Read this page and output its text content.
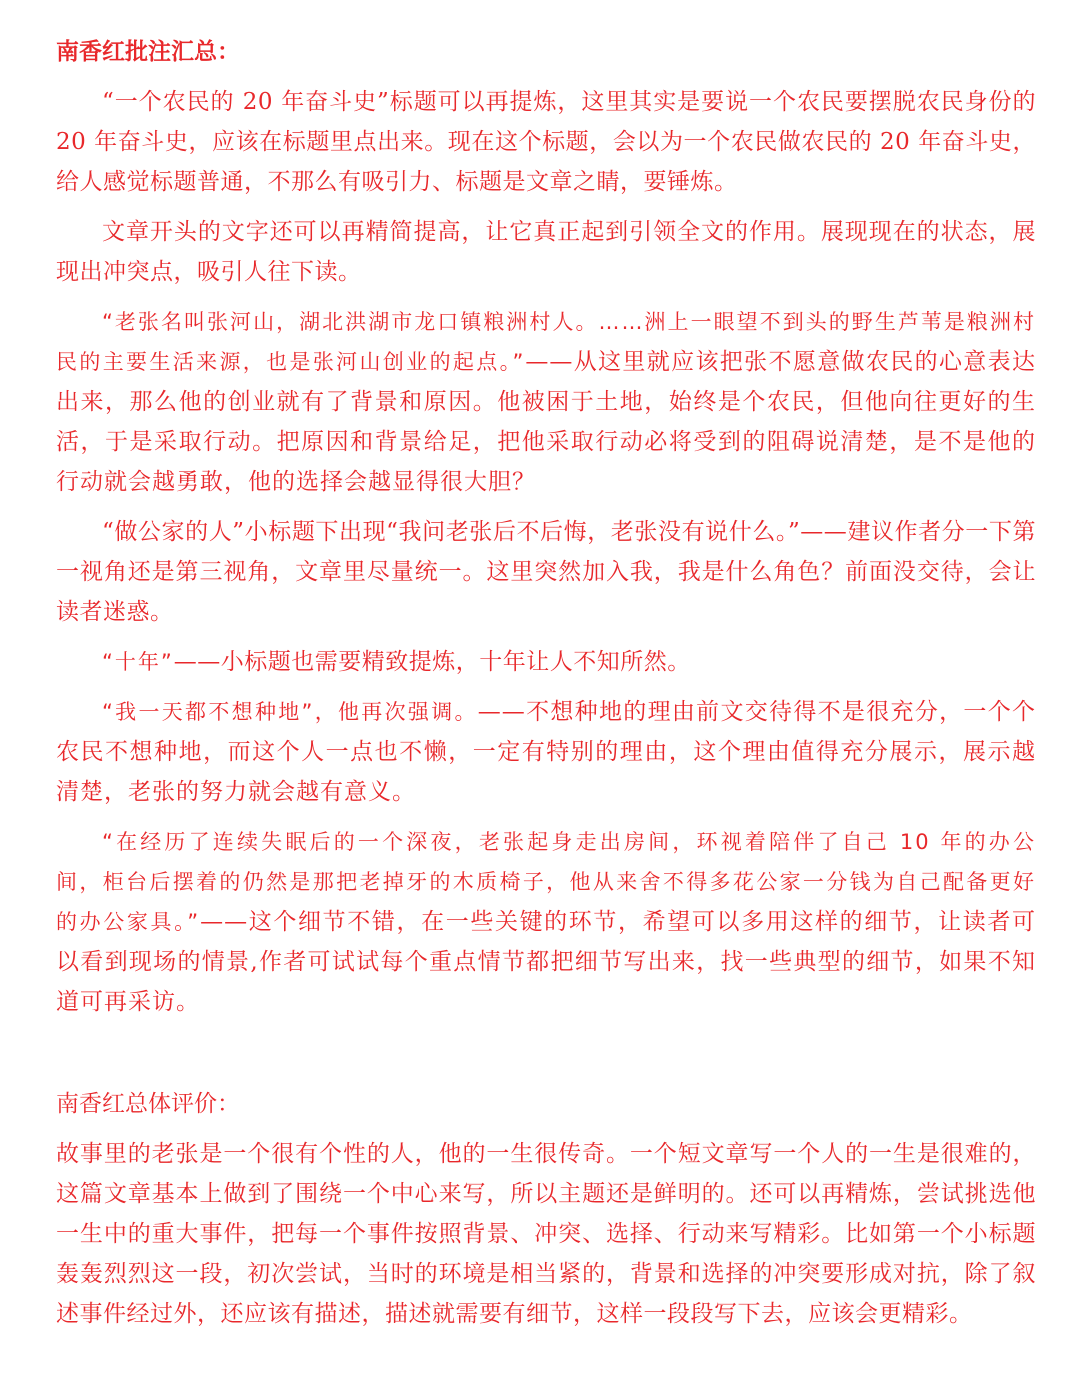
南香红批注汇总：

“一个农民的 20 年奋斗史”标题可以再提炼，这里其实是要说一个农民要摆脱农民身份的 20 年奋斗史，应该在标题里点出来。现在这个标题，会以为一个农民做农民的 20 年奋斗史，给人感觉标题普通，不那么有吸引力、标题是文章之睛，要锤炼。

文章开头的文字还可以再精简提高，让它真正起到引领全文的作用。展现现在的状态，展现出冲突点，吸引人往下读。

“老张名叫张河山，湖北洪湖市龙口镇粮洲村人。……洲上一眼望不到头的野生芦苇是粮洲村民的主要生活来源，也是张河山创业的起点。”——从这里就应该把张不愿意做农民的心意表达出来，那么他的创业就有了背景和原因。他被困于土地，始终是个农民，但他向往更好的生活，于是采取行动。把原因和背景给足，把他采取行动必将受到的阻碍说清楚，是不是他的行动就会越勇敢，他的选择会越显得很大胆？

“做公家的人”小标题下出现“我问老张后不后悔，老张没有说什么。”——建议作者分一下第一视角还是第三视角，文章里尽量统一。这里突然加入我，我是什么角色？前面没交待，会让读者迷惑。

“十年”——小标题也需要精致提炼，十年让人不知所然。

“我一天都不想种地”，他再次强调。——不想种地的理由前文交待得不是很充分，一个个农民不想种地，而这个人一点也不懒，一定有特别的理由，这个理由值得充分展示，展示越清楚，老张的努力就会越有意义。

“在经历了连续失眠后的一个深夜，老张起身走出房间，环视着陪伴了自己 10 年的办公间，柜台后摆着的仍然是那把老掉牙的木质椅子，他从来舍不得多花公家一分钱为自己配备更好的办公家具。”——这个细节不错，在一些关键的环节，希望可以多用这样的细节，让读者可以看到现场的情景,作者可试试每个重点情节都把细节写出来，找一些典型的细节，如果不知道可再采访。

南香红总体评价：

故事里的老张是一个很有个性的人，他的一生很传奇。一个短文章写一个人的一生是很难的，这篇文章基本上做到了围绕一个中心来写，所以主题还是鲜明的。还可以再精炼，尝试挑选他一生中的重大事件，把每一个事件按照背景、冲突、选择、行动来写精彩。比如第一个小标题轰轰烈烈这一段，初次尝试，当时的环境是相当紧的，背景和选择的冲突要形成对抗，除了叙述事件经过外，还应该有描述，描述就需要有细节，这样一段段写下去，应该会更精彩。
